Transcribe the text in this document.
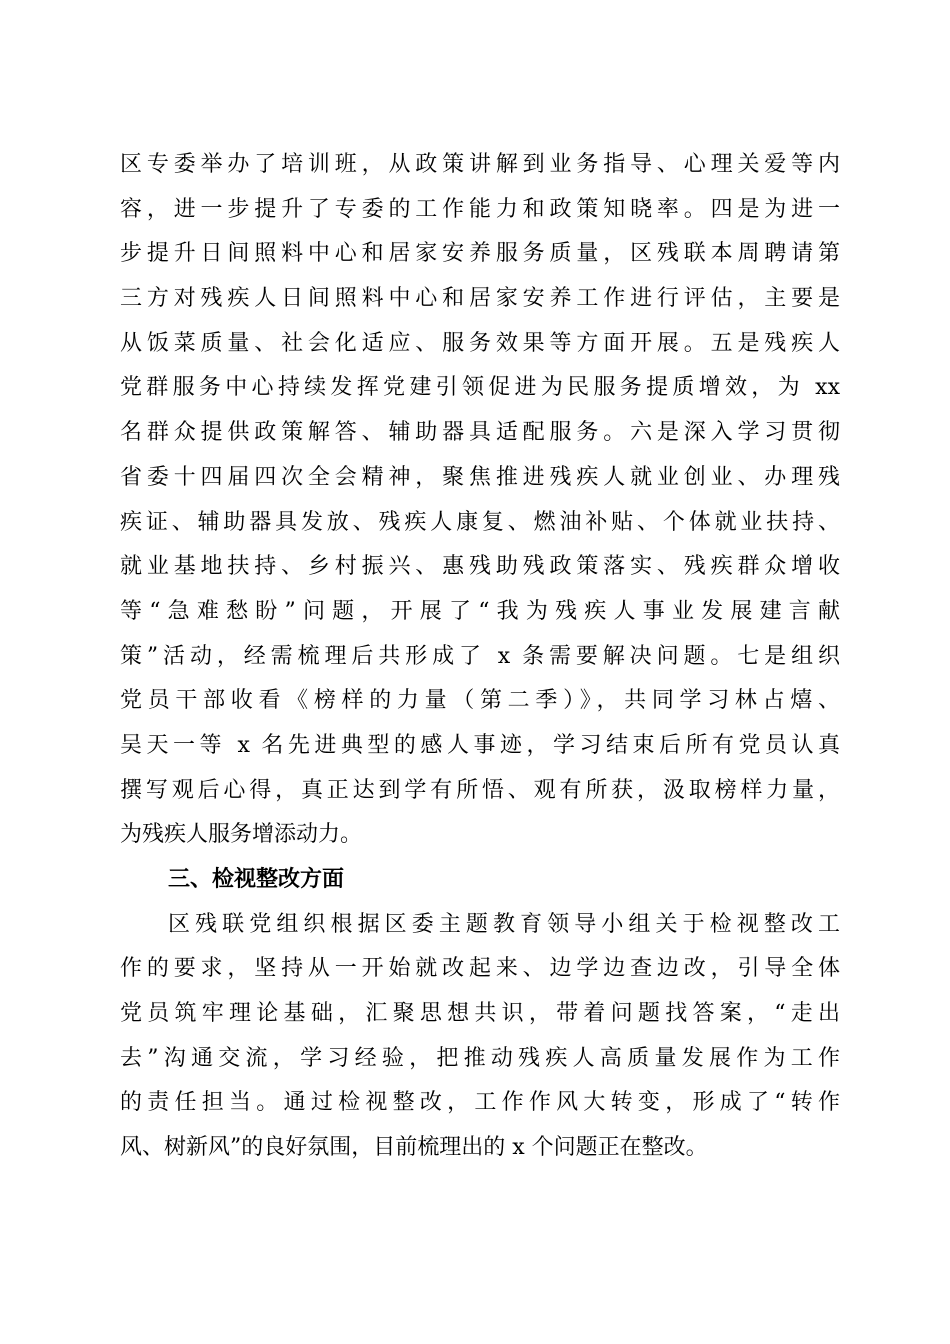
区专委举办了培训班，从政策讲解到业务指导、心理关爱等内
容，进一步提升了专委的工作能力和政策知晓率。四是为进一
步提升日间照料中心和居家安养服务质量，区残联本周聘请第
三方对残疾人日间照料中心和居家安养工作进行评估，主要是
从饭菜质量、社会化适应、服务效果等方面开展。五是残疾人
党群服务中心持续发挥党建引领促进为民服务提质增效，为 xx
名群众提供政策解答、辅助器具适配服务。六是深入学习贯彻
省委十四届四次全会精神，聚焦推进残疾人就业创业、办理残
疾证、辅助器具发放、残疾人康复、燃油补贴、个体就业扶持、
就业基地扶持、乡村振兴、惠残助残政策落实、残疾群众增收
等“急难愁盼”问题，开展了“我为残疾人事业发展建言献
策”活动，经需梳理后共形成了 x 条需要解决问题。七是组织
党员干部收看《榜样的力量（第二季）》，共同学习林占熺、
吴天一等 x 名先进典型的感人事迹，学习结束后所有党员认真
撰写观后心得，真正达到学有所悟、观有所获，汲取榜样力量，
为残疾人服务增添动力。
三、检视整改方面
区残联党组织根据区委主题教育领导小组关于检视整改工
作的要求，坚持从一开始就改起来、边学边查边改，引导全体
党员筑牢理论基础，汇聚思想共识，带着问题找答案，“走出
去”沟通交流，学习经验，把推动残疾人高质量发展作为工作
的责任担当。通过检视整改，工作作风大转变，形成了“转作
风、树新风”的良好氛围，目前梳理出的 x 个问题正在整改。
